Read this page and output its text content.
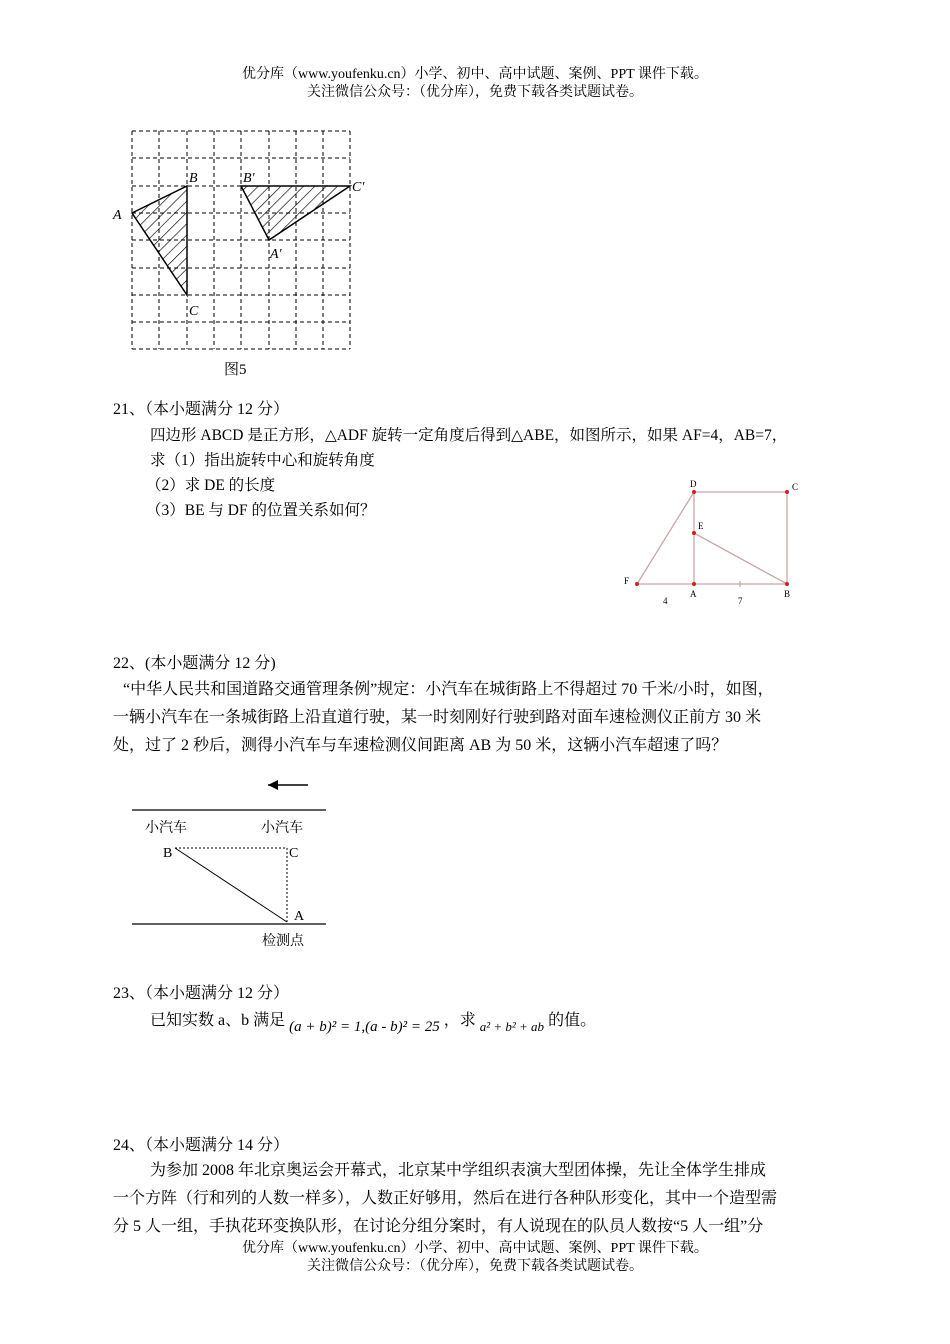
优分库（www.youfenku.cn）小学、初中、高中试题、案例、PPT 课件下载。
关注微信公众号：（优分库），免费下载各类试题试卷。
A
B
C
B'
C'
A'
图5
21、（本小题满分 12 分）
四边形 ABCD 是正方形，△ADF 旋转一定角度后得到△ABE，如图所示，如果 AF=4，AB=7，
求（1）指出旋转中心和旋转角度
（2）求 DE 的长度
（3）BE 与 DF 的位置关系如何？
D	C
E
F
A	B
4	7
22、(本小题满分 12 分)
“中华人民共和国道路交通管理条例”规定：小汽车在城街路上不得超过 70 千米/小时，如图，
一辆小汽车在一条城街路上沿直道行驶，某一时刻刚好行驶到路对面车速检测仪正前方 30 米
处，过了 2 秒后，测得小汽车与车速检测仪间距离 AB 为 50 米，这辆小汽车超速了吗？
小汽车	小汽车
B	C
A
检测点
23、（本小题满分 12 分）
已知实数 a、b 满足 (a + b)² = 1,(a - b)² = 25 ，求 $_{a^2 + b^2 + ab}$ 的值。
24、（本小题满分 14 分）
为参加 2008 年北京奥运会开幕式，北京某中学组织表演大型团体操，先让全体学生排成
一个方阵（行和列的人数一样多），人数正好够用，然后在进行各种队形变化，其中一个造型需
分 5 人一组，手执花环变换队形，在讨论分组分案时，有人说现在的队员人数按“5 人一组”分
优分库（www.youfenku.cn）小学、初中、高中试题、案例、PPT 课件下载。
关注微信公众号：（优分库），免费下载各类试题试卷。
